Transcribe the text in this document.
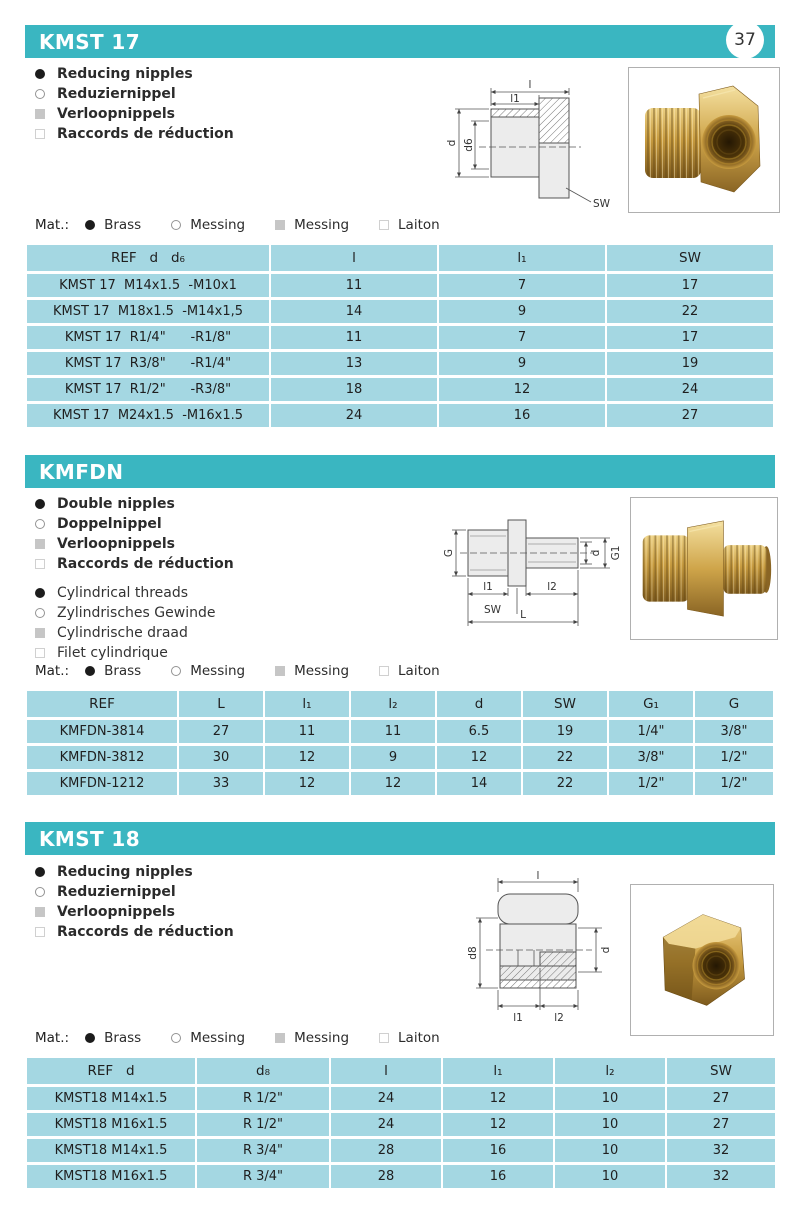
KMST 17	37
Reducing nipples
Reduziernippel
Verloopnippels
Raccords de réduction
l
l1
d d6
SW
Mat.:	Brass	Messing	Messing	Laiton
REF   d   d₆	l	l₁	SW
KMST 17  M14x1.5  -M10x1	11	7	17
KMST 17  M18x1.5  -M14x1,5	14	9	22
KMST 17  R1/4"      -R1/8"	11	7	17
KMST 17  R3/8"      -R1/4"	13	9	19
KMST 17  R1/2"      -R3/8"	18	12	24
KMST 17  M24x1.5  -M16x1.5	24	16	27
KMFDN
Double nipples
Doppelnippel
Verloopnippels
Raccords de réduction
Cylindrical threads
Zylindrisches Gewinde
Cylindrische draad
Filet cylindrique
G	d G1
l1	l2
SW L
Mat.:	Brass	Messing	Messing	Laiton
REF	L	l₁	l₂	d	SW	G₁	G
KMFDN-3814	27	11	11	6.5	19	1/4"	3/8"
KMFDN-3812	30	12	9	12	22	3/8"	1/2"
KMFDN-1212	33	12	12	14	22	1/2"	1/2"
KMST 18
Reducing nipples
Reduziernippel
Verloopnippels
Raccords de réduction
l
d8	d
l1	l2
Mat.:	Brass	Messing	Messing	Laiton
REF   d	d₈	l	l₁	l₂	SW
KMST18 M14x1.5	R 1/2"	24	12	10	27
KMST18 M16x1.5	R 1/2"	24	12	10	27
KMST18 M14x1.5	R 3/4"	28	16	10	32
KMST18 M16x1.5	R 3/4"	28	16	10	32
